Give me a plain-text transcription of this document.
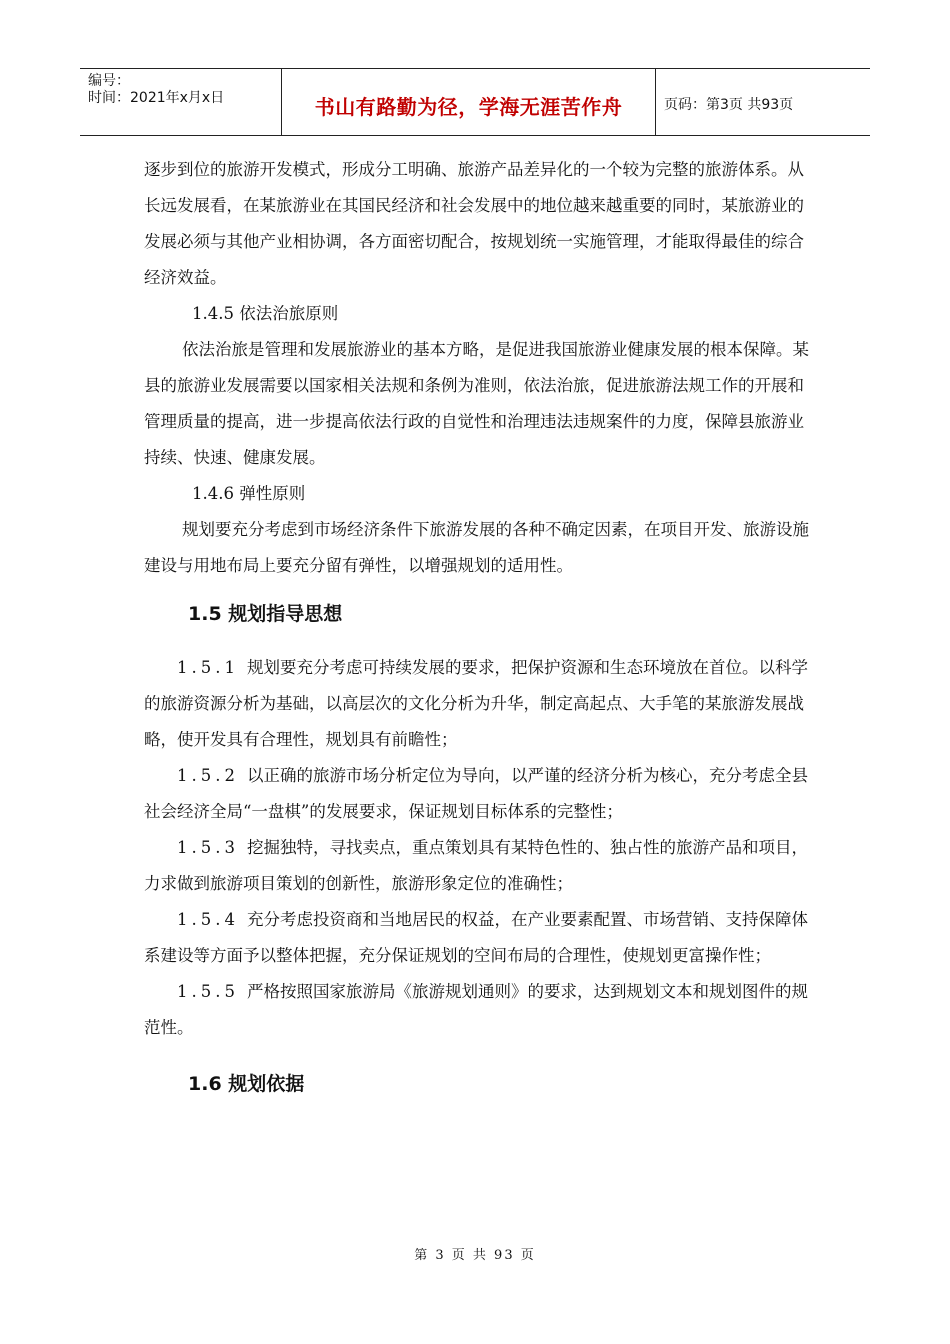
编号：
时间：2021年x月x日	书山有路勤为径，学海无涯苦作舟	页码：第3页 共93页

逐步到位的旅游开发模式，形成分工明确、旅游产品差异化的一个较为完整的旅游体系。从长远发展看，在某旅游业在其国民经济和社会发展中的地位越来越重要的同时，某旅游业的发展必须与其他产业相协调，各方面密切配合，按规划统一实施管理，才能取得最佳的综合经济效益。

1.4.5 依法治旅原则

依法治旅是管理和发展旅游业的基本方略，是促进我国旅游业健康发展的根本保障。某县的旅游业发展需要以国家相关法规和条例为准则，依法治旅，促进旅游法规工作的开展和管理质量的提高，进一步提高依法行政的自觉性和治理违法违规案件的力度，保障县旅游业持续、快速、健康发展。

1.4.6 弹性原则

规划要充分考虑到市场经济条件下旅游发展的各种不确定因素，在项目开发、旅游设施建设与用地布局上要充分留有弹性，以增强规划的适用性。

1.5 规划指导思想

1.5.1 规划要充分考虑可持续发展的要求，把保护资源和生态环境放在首位。以科学的旅游资源分析为基础，以高层次的文化分析为升华，制定高起点、大手笔的某旅游发展战略，使开发具有合理性，规划具有前瞻性；

1.5.2 以正确的旅游市场分析定位为导向，以严谨的经济分析为核心，充分考虑全县社会经济全局“一盘棋”的发展要求，保证规划目标体系的完整性；

1.5.3 挖掘独特，寻找卖点，重点策划具有某特色性的、独占性的旅游产品和项目，力求做到旅游项目策划的创新性，旅游形象定位的准确性；

1.5.4 充分考虑投资商和当地居民的权益，在产业要素配置、市场营销、支持保障体系建设等方面予以整体把握，充分保证规划的空间布局的合理性，使规划更富操作性；

1.5.5 严格按照国家旅游局《旅游规划通则》的要求，达到规划文本和规划图件的规范性。

1.6 规划依据
第 3 页 共 93 页
